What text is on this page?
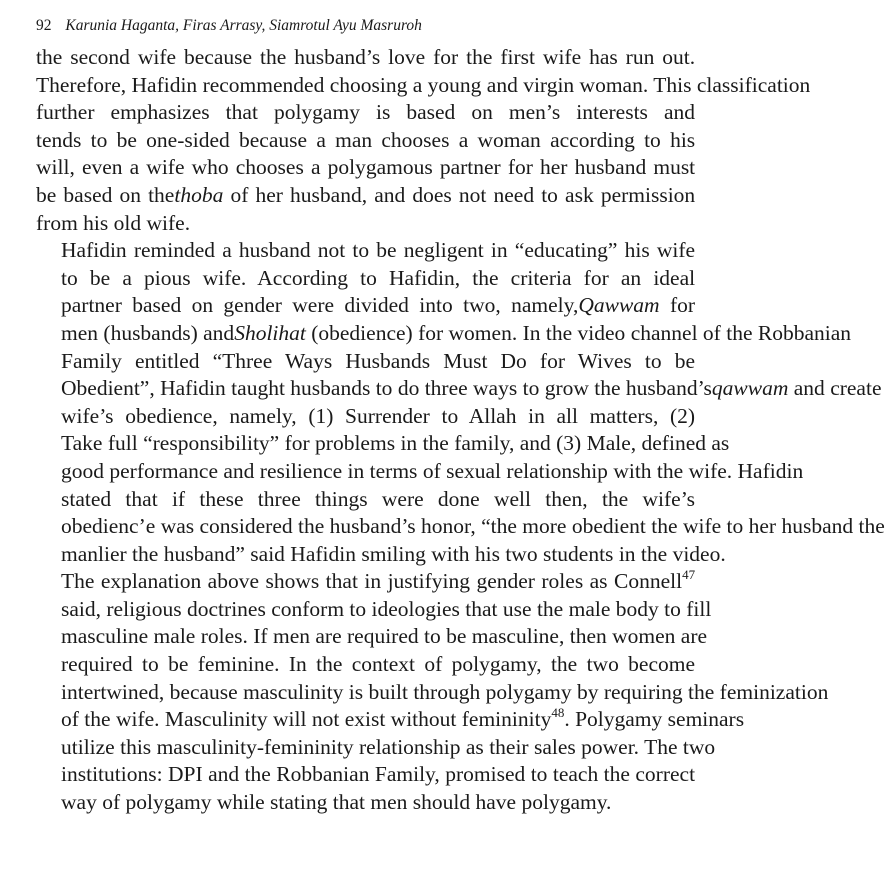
92 Karunia Haganta, Firas Arrasy, Siamrotul Ayu Masruroh

the second wife because the husband’s love for the first wife has run out.
Therefore, Hafidin recommended choosing a young and virgin woman. This classification
further emphasizes that polygamy is based on men’s interests and
tends to be one-sided because a man chooses a woman according to his
will, even a wife who chooses a polygamous partner for her husband must
be based on thethoba of her husband, and does not need to ask permission
from his old wife.

Hafidin reminded a husband not to be negligent in “educating” his wife
to be a pious wife. According to Hafidin, the criteria for an ideal
partner based on gender were divided into two, namely,Qawwam for
men (husbands) andSholihat (obedience) for women. In the video channel of the Robbanian
Family entitled “Three Ways Husbands Must Do for Wives to be
Obedient”, Hafidin taught husbands to do three ways to grow the husband’sqawwam and create
wife’s obedience, namely, (1) Surrender to Allah in all matters, (2)
Take full “responsibility” for problems in the family, and (3) Male, defined as
good performance and resilience in terms of sexual relationship with the wife. Hafidin
stated that if these three things were done well then, the wife’s
obedienc’e was considered the husband’s honor, “the more obedient the wife to her husband the
manlier the husband” said Hafidin smiling with his two students in the video.

The explanation above shows that in justifying gender roles as Connell$^{47}$
said, religious doctrines conform to ideologies that use the male body to fill
masculine male roles. If men are required to be masculine, then women are
required to be feminine. In the context of polygamy, the two become
intertwined, because masculinity is built through polygamy by requiring the feminization
of the wife. Masculinity will not exist without femininity$^{48}$. Polygamy seminars
utilize this masculinity-femininity relationship as their sales power. The two
institutions: DPI and the Robbanian Family, promised to teach the correct
way of polygamy while stating that men should have polygamy.
